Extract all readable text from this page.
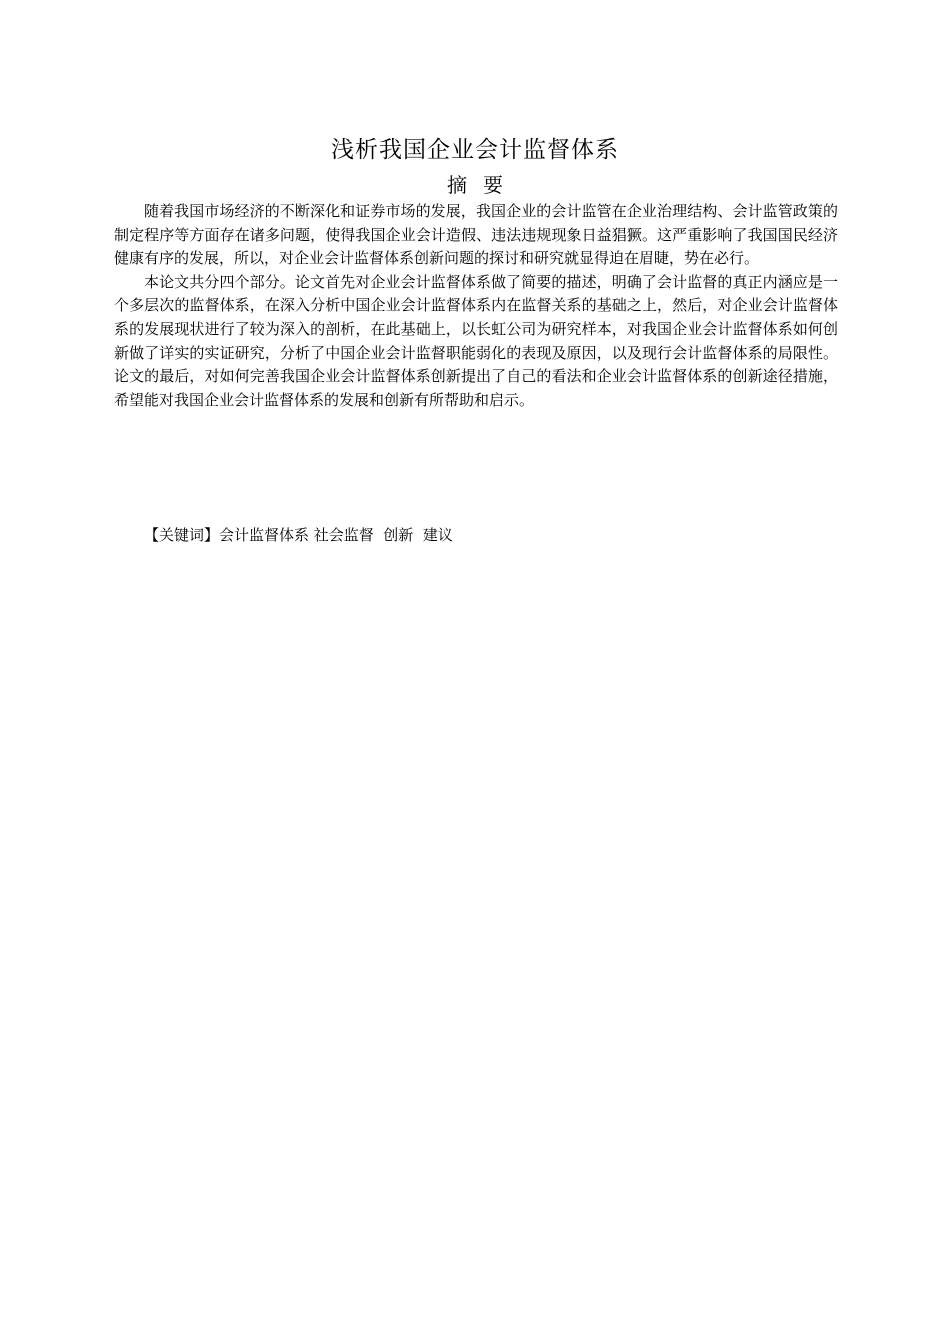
浅析我国企业会计监督体系
摘要

随着我国市场经济的不断深化和证券市场的发展，我国企业的会计监管在企业治理结构、会计监管政策的制定程序等方面存在诸多问题，使得我国企业会计造假、违法违规现象日益猖獗。这严重影响了我国国民经济健康有序的发展，所以，对企业会计监督体系创新问题的探讨和研究就显得迫在眉睫，势在必行。

本论文共分四个部分。论文首先对企业会计监督体系做了简要的描述，明确了会计监督的真正内涵应是一个多层次的监督体系，在深入分析中国企业会计监督体系内在监督关系的基础之上，然后，对企业会计监督体系的发展现状进行了较为深入的剖析，在此基础上，以长虹公司为研究样本，对我国企业会计监督体系如何创新做了详实的实证研究，分析了中国企业会计监督职能弱化的表现及原因，以及现行会计监督体系的局限性。论文的最后，对如何完善我国企业会计监督体系创新提出了自己的看法和企业会计监督体系的创新途径措施，希望能对我国企业会计监督体系的发展和创新有所帮助和启示。

【关键词】会计监督体系 社会监督  创新  建议
